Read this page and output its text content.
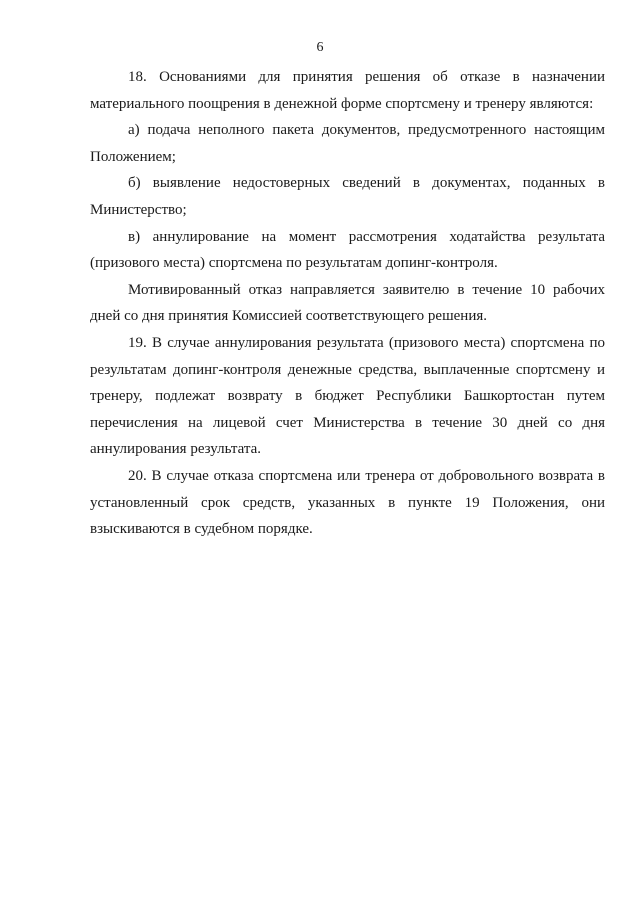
6

18. Основаниями для принятия решения об отказе в назначении материального поощрения в денежной форме спортсмену и тренеру являются:

а) подача неполного пакета документов, предусмотренного настоящим Положением;

б) выявление недостоверных сведений в документах, поданных в Министерство;

в) аннулирование на момент рассмотрения ходатайства результата (призового места) спортсмена по результатам допинг-контроля.

Мотивированный отказ направляется заявителю в течение 10 рабочих дней со дня принятия Комиссией соответствующего решения.

19. В случае аннулирования результата (призового места) спортсмена по результатам допинг-контроля денежные средства, выплаченные спортсмену и тренеру, подлежат возврату в бюджет Республики Башкортостан путем перечисления на лицевой счет Министерства в течение 30 дней со дня аннулирования результата.

20. В случае отказа спортсмена или тренера от добровольного возврата в установленный срок средств, указанных в пункте 19 Положения, они взыскиваются в судебном порядке.
